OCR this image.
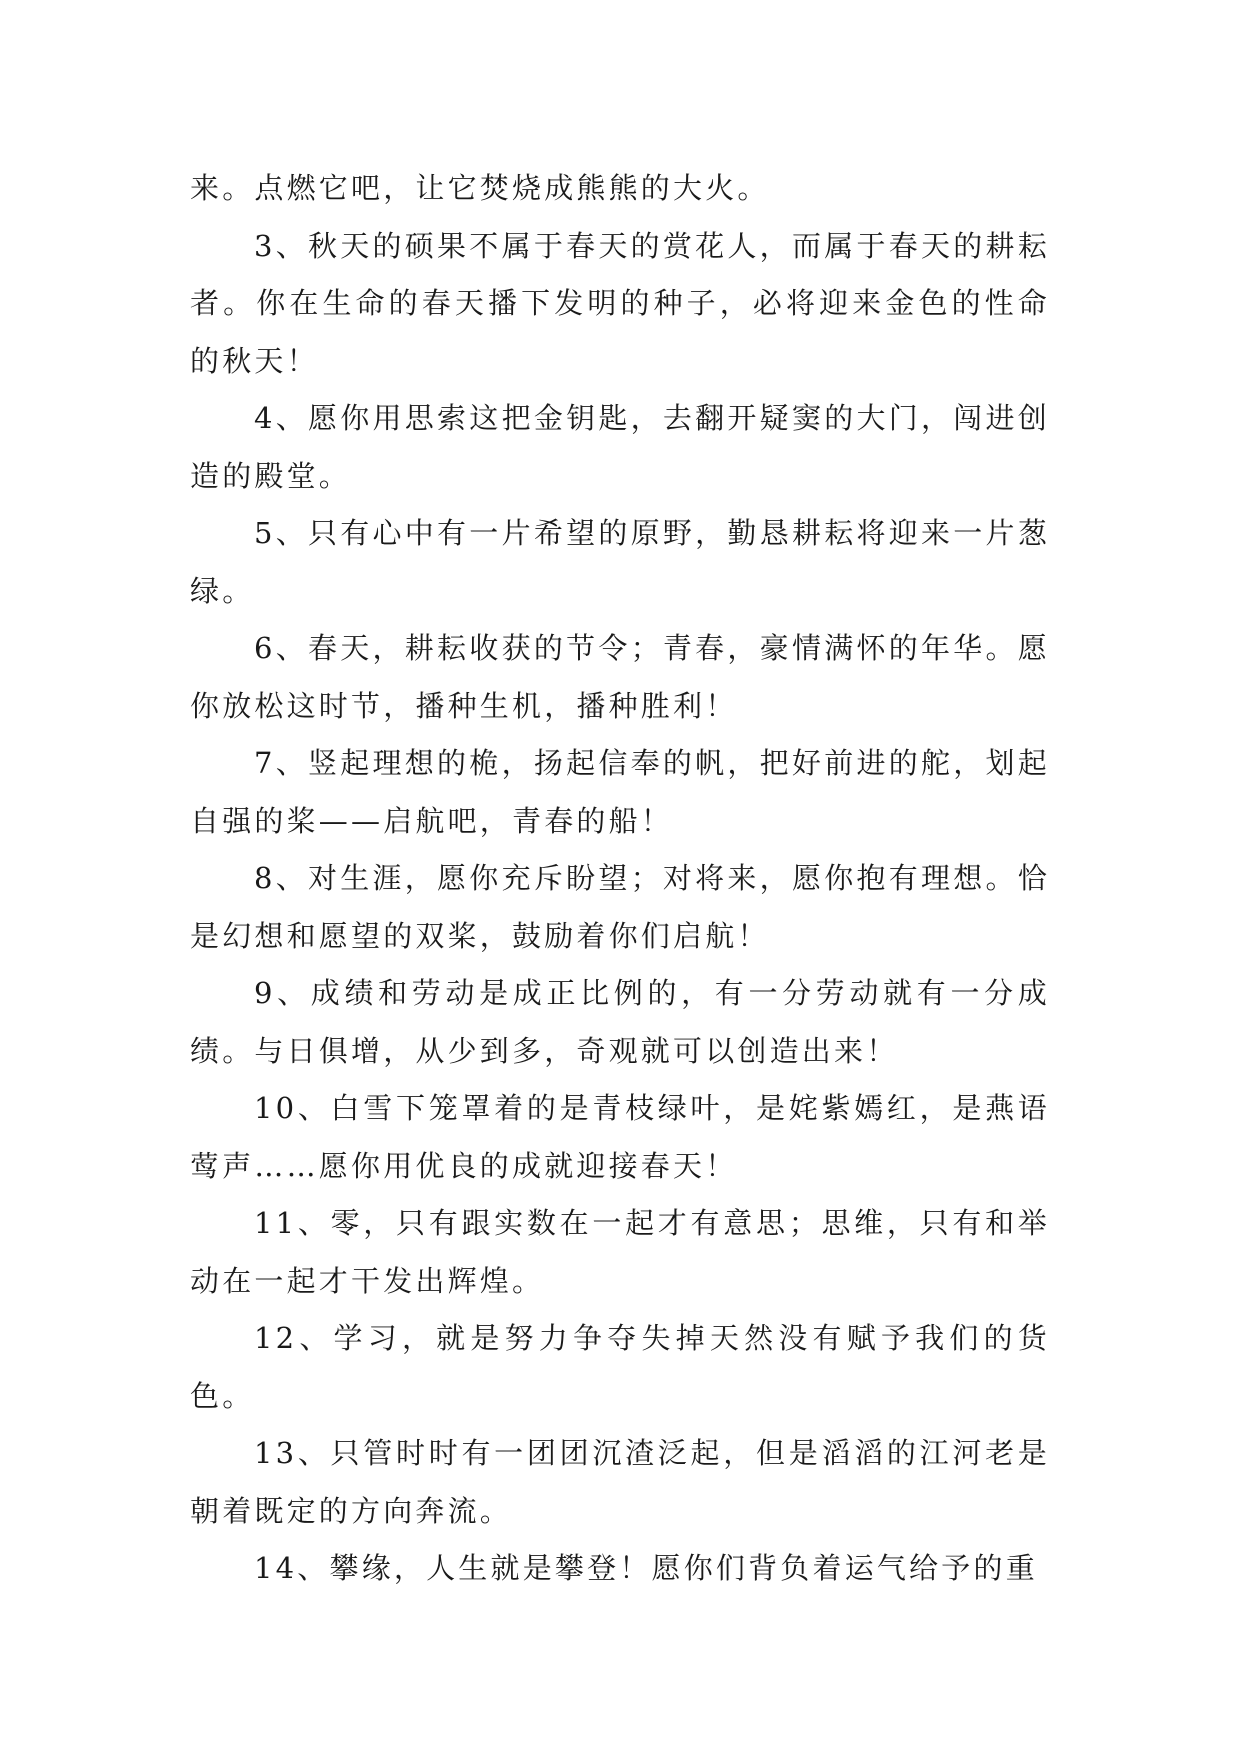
来。点燃它吧，让它焚烧成熊熊的大火。

3、秋天的硕果不属于春天的赏花人，而属于春天的耕耘者。你在生命的春天播下发明的种子，必将迎来金色的性命的秋天！

4、愿你用思索这把金钥匙，去翻开疑窦的大门，闯进创造的殿堂。

5、只有心中有一片希望的原野，勤恳耕耘将迎来一片葱绿。

6、春天，耕耘收获的节令；青春，豪情满怀的年华。愿你放松这时节，播种生机，播种胜利！

7、竖起理想的桅，扬起信奉的帆，把好前进的舵，划起自强的桨——启航吧，青春的船！

8、对生涯，愿你充斥盼望；对将来，愿你抱有理想。恰是幻想和愿望的双桨，鼓励着你们启航！

9、成绩和劳动是成正比例的，有一分劳动就有一分成绩。与日俱增，从少到多，奇观就可以创造出来！

10、白雪下笼罩着的是青枝绿叶，是姹紫嫣红，是燕语莺声……愿你用优良的成就迎接春天！

11、零，只有跟实数在一起才有意思；思维，只有和举动在一起才干发出辉煌。

12、学习，就是努力争夺失掉天然没有赋予我们的货色。

13、只管时时有一团团沉渣泛起，但是滔滔的江河老是朝着既定的方向奔流。

14、攀缘，人生就是攀登！愿你们背负着运气给予的重
